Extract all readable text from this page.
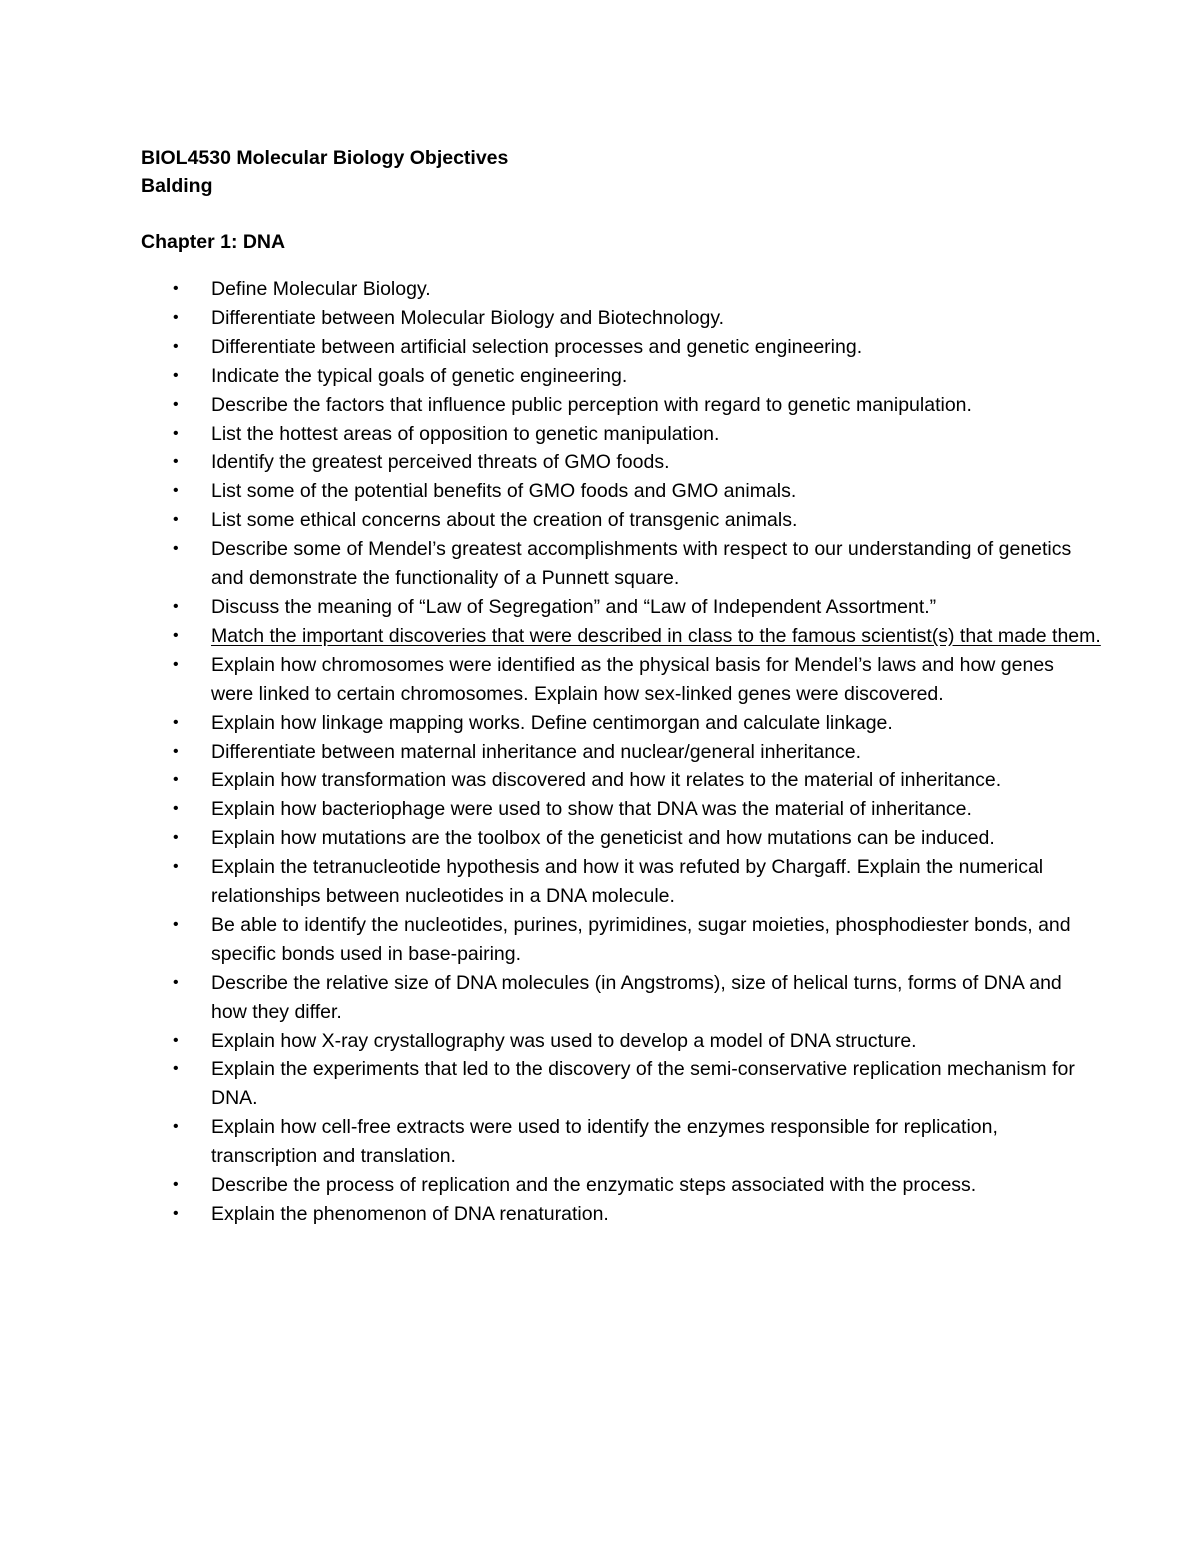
BIOL4530 Molecular Biology Objectives
Balding
Chapter 1: DNA
• Define Molecular Biology.
• Differentiate between Molecular Biology and Biotechnology.
• Differentiate between artificial selection processes and genetic engineering.
• Indicate the typical goals of genetic engineering.
• Describe the factors that influence public perception with regard to genetic manipulation.
• List the hottest areas of opposition to genetic manipulation.
• Identify the greatest perceived threats of GMO foods.
• List some of the potential benefits of GMO foods and GMO animals.
• List some ethical concerns about the creation of transgenic animals.
• Describe some of Mendel’s greatest accomplishments with respect to our understanding of genetics and demonstrate the functionality of a Punnett square.
• Discuss the meaning of “Law of Segregation” and “Law of Independent Assortment.”
• Match the important discoveries that were described in class to the famous scientist(s) that made them.
• Explain how chromosomes were identified as the physical basis for Mendel’s laws and how genes were linked to certain chromosomes. Explain how sex-linked genes were discovered.
• Explain how linkage mapping works. Define centimorgan and calculate linkage.
• Differentiate between maternal inheritance and nuclear/general inheritance.
• Explain how transformation was discovered and how it relates to the material of inheritance.
• Explain how bacteriophage were used to show that DNA was the material of inheritance.
• Explain how mutations are the toolbox of the geneticist and how mutations can be induced.
• Explain the tetranucleotide hypothesis and how it was refuted by Chargaff. Explain the numerical relationships between nucleotides in a DNA molecule.
• Be able to identify the nucleotides, purines, pyrimidines, sugar moieties, phosphodiester bonds, and specific bonds used in base-pairing.
• Describe the relative size of DNA molecules (in Angstroms), size of helical turns, forms of DNA and how they differ.
• Explain how X-ray crystallography was used to develop a model of DNA structure.
• Explain the experiments that led to the discovery of the semi-conservative replication mechanism for DNA.
• Explain how cell-free extracts were used to identify the enzymes responsible for replication, transcription and translation.
• Describe the process of replication and the enzymatic steps associated with the process.
• Explain the phenomenon of DNA renaturation.
